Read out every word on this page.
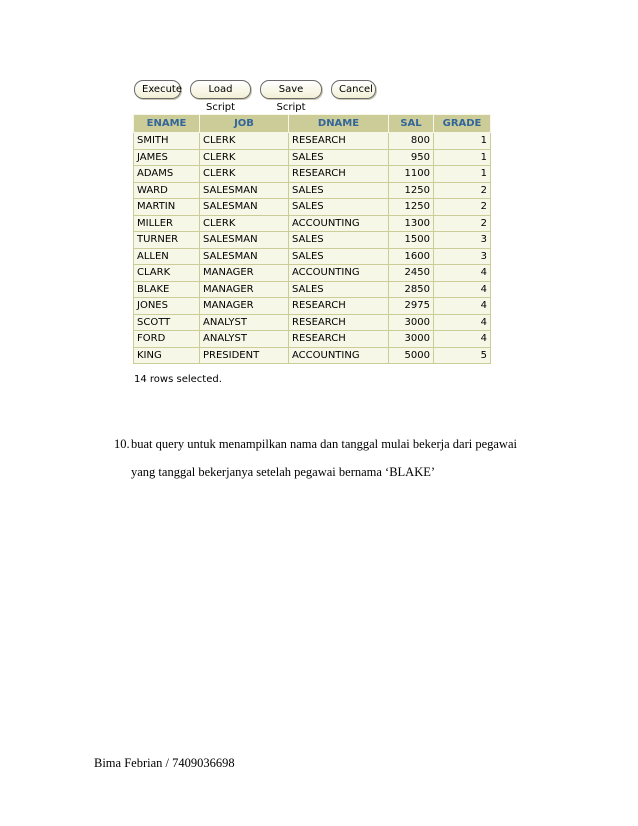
Execute	Load Script
Save Script
Cancel
ENAME	JOB	DNAME	SAL	GRADE
SMITH	CLERK	RESEARCH	800	1
JAMES	CLERK	SALES	950	1
ADAMS	CLERK	RESEARCH	1100	1
WARD	SALESMAN	SALES	1250	2
MARTIN	SALESMAN	SALES	1250	2
MILLER	CLERK	ACCOUNTING	1300	2
TURNER	SALESMAN	SALES	1500	3
ALLEN	SALESMAN	SALES	1600	3
CLARK	MANAGER	ACCOUNTING	2450	4
BLAKE	MANAGER	SALES	2850	4
JONES	MANAGER	RESEARCH	2975	4
SCOTT	ANALYST	RESEARCH	3000	4
FORD	ANALYST	RESEARCH	3000	4
KING	PRESIDENT	ACCOUNTING	5000	5
14 rows selected.
10.buat query untuk menampilkan nama dan tanggal mulai bekerja dari pegawai
yang tanggal bekerjanya setelah pegawai bernama ‘BLAKE’
Bima Febrian / 7409036698
